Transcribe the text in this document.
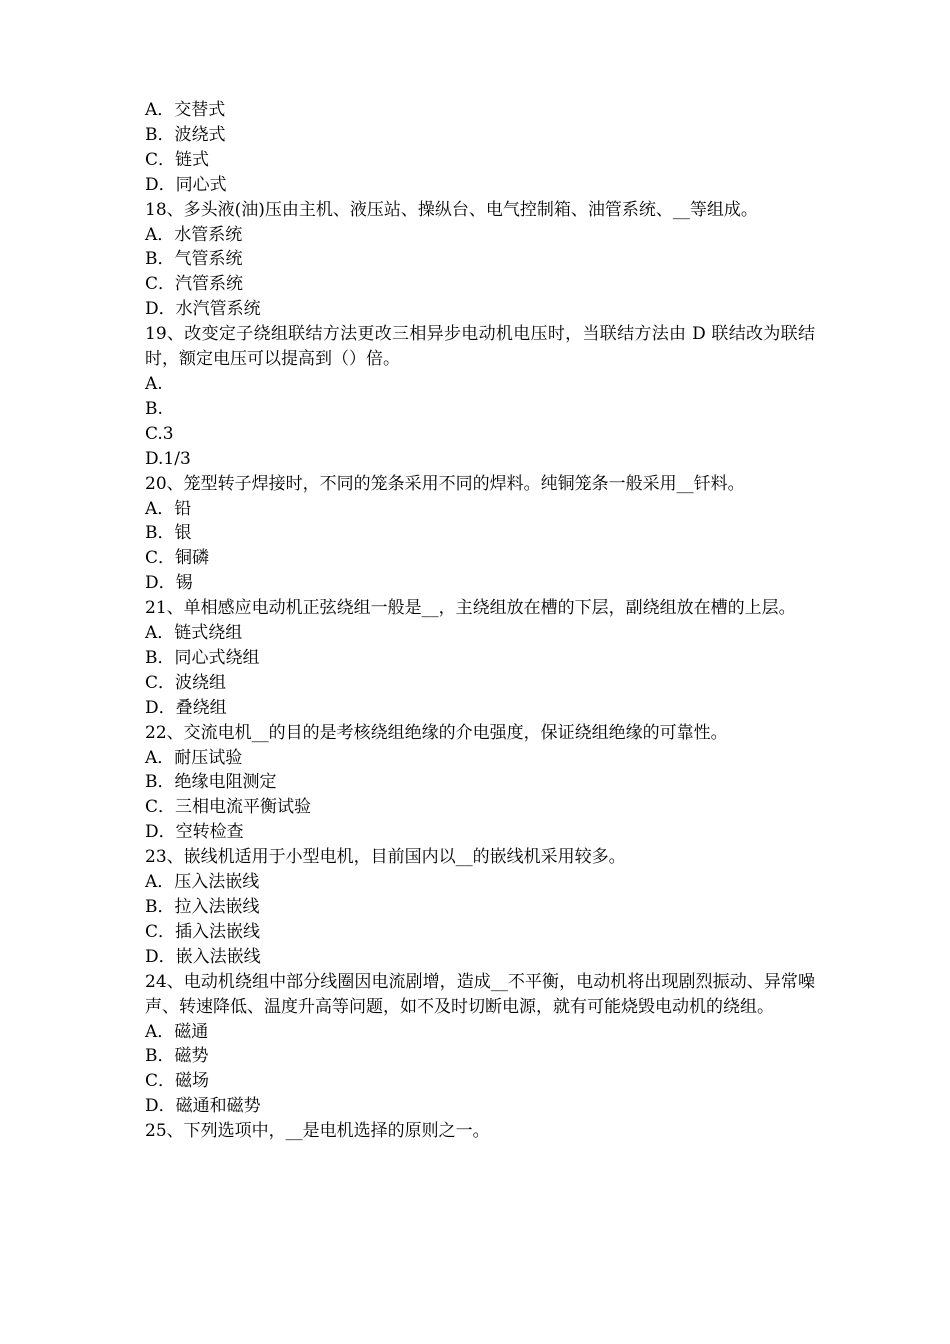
A．交替式
B．波绕式
C．链式
D．同心式
18、多头液(油)压由主机、液压站、操纵台、电气控制箱、油管系统、__等组成。
A．水管系统
B．气管系统
C．汽管系统
D．水汽管系统
19、改变定子绕组联结方法更改三相异步电动机电压时，当联结方法由 D 联结改为联结时，额定电压可以提高到（）倍。
A.
B.
C.3
D.1/3
20、笼型转子焊接时，不同的笼条采用不同的焊料。纯铜笼条一般采用__钎料。
A．铅
B．银
C．铜磷
D．锡
21、单相感应电动机正弦绕组一般是__，主绕组放在槽的下层，副绕组放在槽的上层。
A．链式绕组
B．同心式绕组
C．波绕组
D．叠绕组
22、交流电机__的目的是考核绕组绝缘的介电强度，保证绕组绝缘的可靠性。
A．耐压试验
B．绝缘电阻测定
C．三相电流平衡试验
D．空转检查
23、嵌线机适用于小型电机，目前国内以__的嵌线机采用较多。
A．压入法嵌线
B．拉入法嵌线
C．插入法嵌线
D．嵌入法嵌线
24、电动机绕组中部分线圈因电流剧增，造成__不平衡，电动机将出现剧烈振动、异常噪声、转速降低、温度升高等问题，如不及时切断电源，就有可能烧毁电动机的绕组。
A．磁通
B．磁势
C．磁场
D．磁通和磁势
25、下列选项中，__是电机选择的原则之一。
